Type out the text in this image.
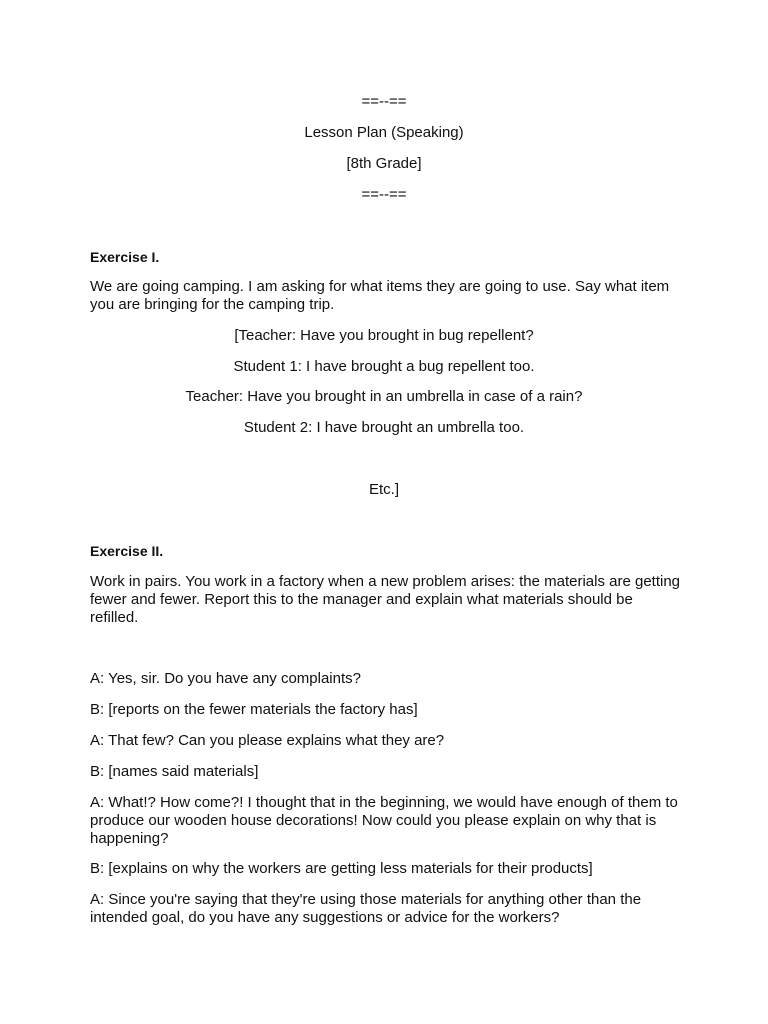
==--==
Lesson Plan (Speaking)
[8th Grade]
==--==
Exercise I.
We are going camping. I am asking for what items they are going to use. Say what item you are bringing for the camping trip.
[Teacher: Have you brought in bug repellent?
Student 1: I have brought a bug repellent too.
Teacher: Have you brought in an umbrella in case of a rain?
Student 2: I have brought an umbrella too.
Etc.]
Exercise II.
Work in pairs. You work in a factory when a new problem arises: the materials are getting fewer and fewer. Report this to the manager and explain what materials should be refilled.
A: Yes, sir. Do you have any complaints?
B: [reports on the fewer materials the factory has]
A: That few? Can you please explains what they are?
B: [names said materials]
A: What!? How come?! I thought that in the beginning, we would have enough of them to produce our wooden house decorations! Now could you please explain on why that is happening?
B: [explains on why the workers are getting less materials for their products]
A: Since you're saying that they're using those materials for anything other than the intended goal, do you have any suggestions or advice for the workers?
